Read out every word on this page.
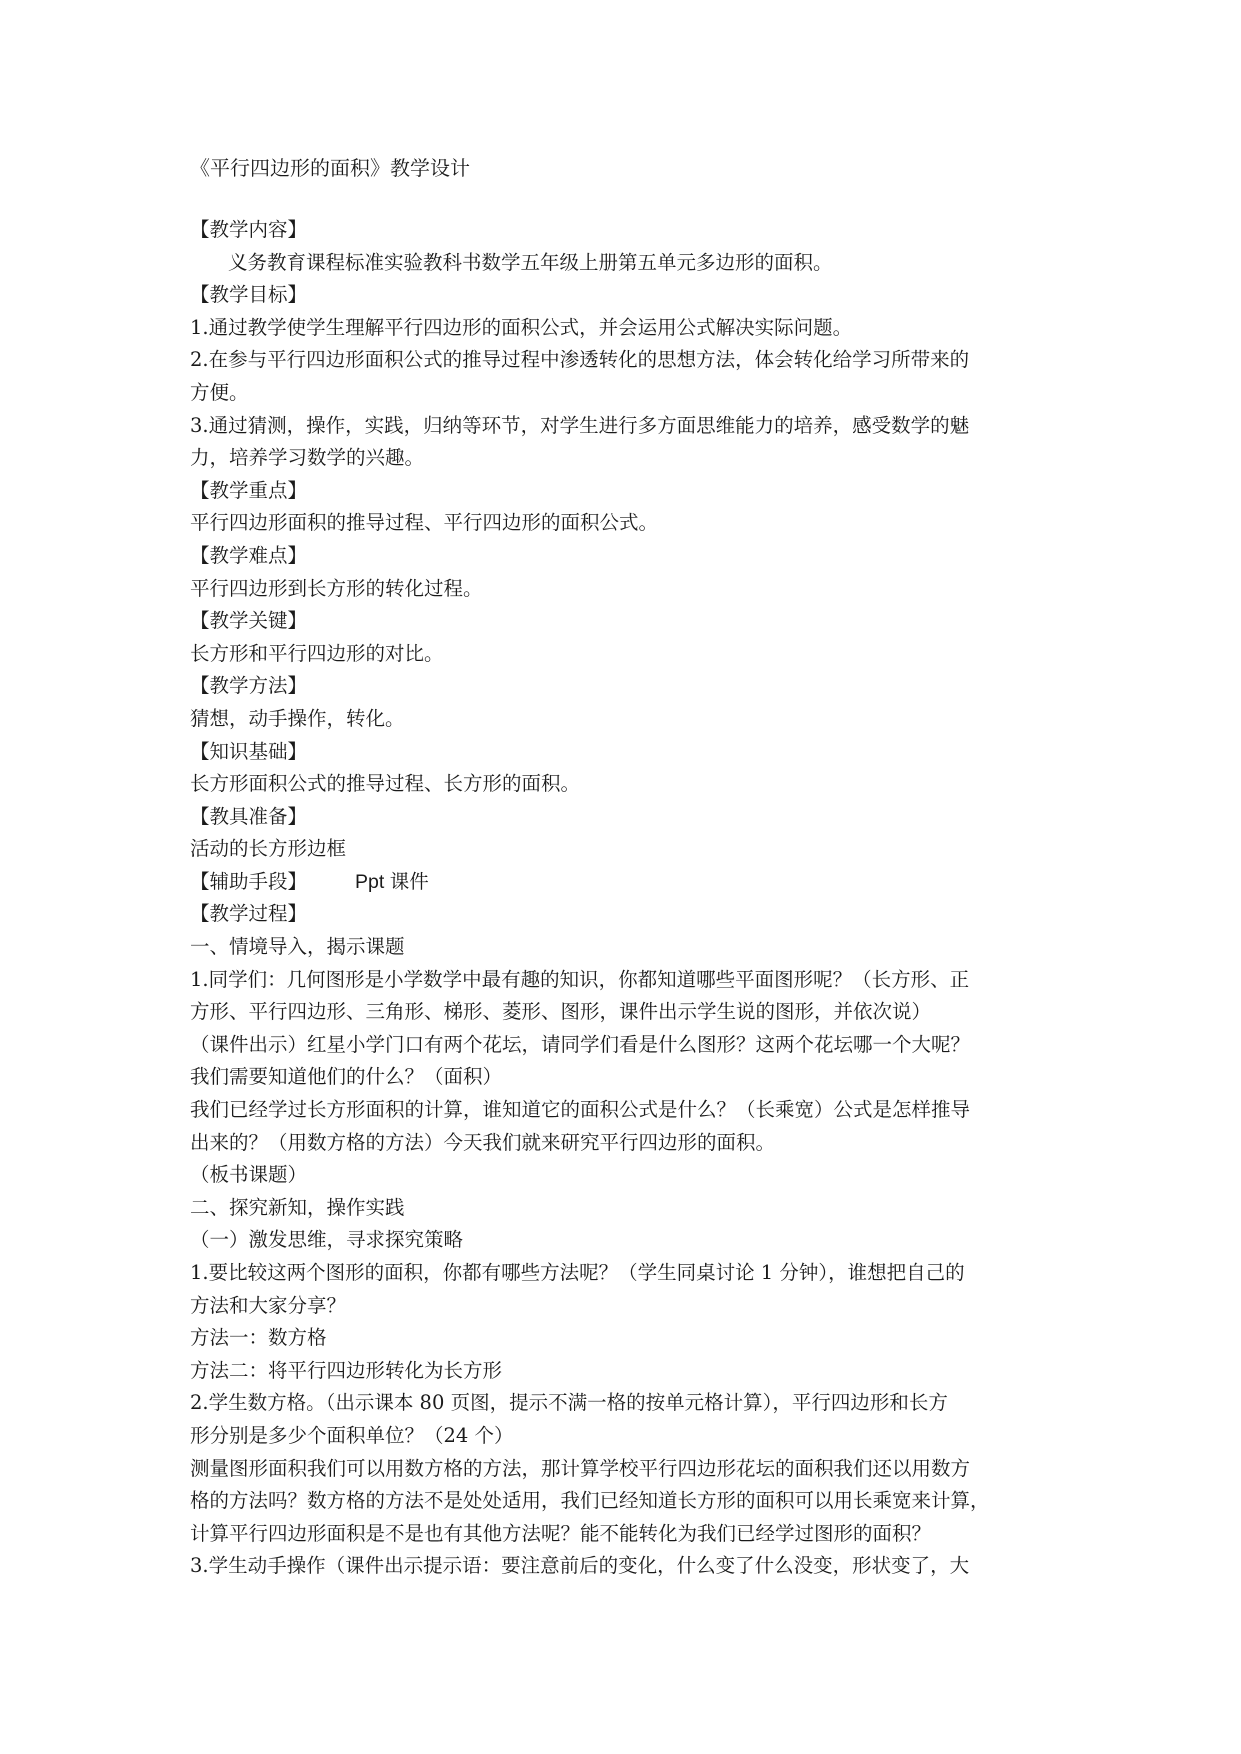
《平行四边形的面积》教学设计
【教学内容】
义务教育课程标准实验教科书数学五年级上册第五单元多边形的面积。
【教学目标】
1.通过教学使学生理解平行四边形的面积公式，并会运用公式解决实际问题。
2.在参与平行四边形面积公式的推导过程中渗透转化的思想方法，体会转化给学习所带来的
方便。
3.通过猜测，操作，实践，归纳等环节，对学生进行多方面思维能力的培养，感受数学的魅
力，培养学习数学的兴趣。
【教学重点】
平行四边形面积的推导过程、平行四边形的面积公式。
【教学难点】
平行四边形到长方形的转化过程。
【教学关键】
长方形和平行四边形的对比。
【教学方法】
猜想，动手操作，转化。
【知识基础】
长方形面积公式的推导过程、长方形的面积。
【教具准备】
活动的长方形边框
【辅助手段】 Ppt 课件
【教学过程】
一、情境导入，揭示课题
1.同学们：几何图形是小学数学中最有趣的知识，你都知道哪些平面图形呢？（长方形、正
方形、平行四边形、三角形、梯形、菱形、图形，课件出示学生说的图形，并依次说）
（课件出示）红星小学门口有两个花坛，请同学们看是什么图形？这两个花坛哪一个大呢？
我们需要知道他们的什么？（面积）
我们已经学过长方形面积的计算，谁知道它的面积公式是什么？（长乘宽）公式是怎样推导
出来的？（用数方格的方法）今天我们就来研究平行四边形的面积。
（板书课题）
二、探究新知，操作实践
（一）激发思维，寻求探究策略
1.要比较这两个图形的面积，你都有哪些方法呢？（学生同桌讨论 1 分钟），谁想把自己的
方法和大家分享？
方法一：数方格
方法二：将平行四边形转化为长方形
2.学生数方格。（出示课本 80 页图，提示不满一格的按单元格计算），平行四边形和长方
形分别是多少个面积单位？（24 个）
测量图形面积我们可以用数方格的方法，那计算学校平行四边形花坛的面积我们还以用数方
格的方法吗？数方格的方法不是处处适用，我们已经知道长方形的面积可以用长乘宽来计算，
计算平行四边形面积是不是也有其他方法呢？能不能转化为我们已经学过图形的面积？
3.学生动手操作（课件出示提示语：要注意前后的变化，什么变了什么没变，形状变了，大
